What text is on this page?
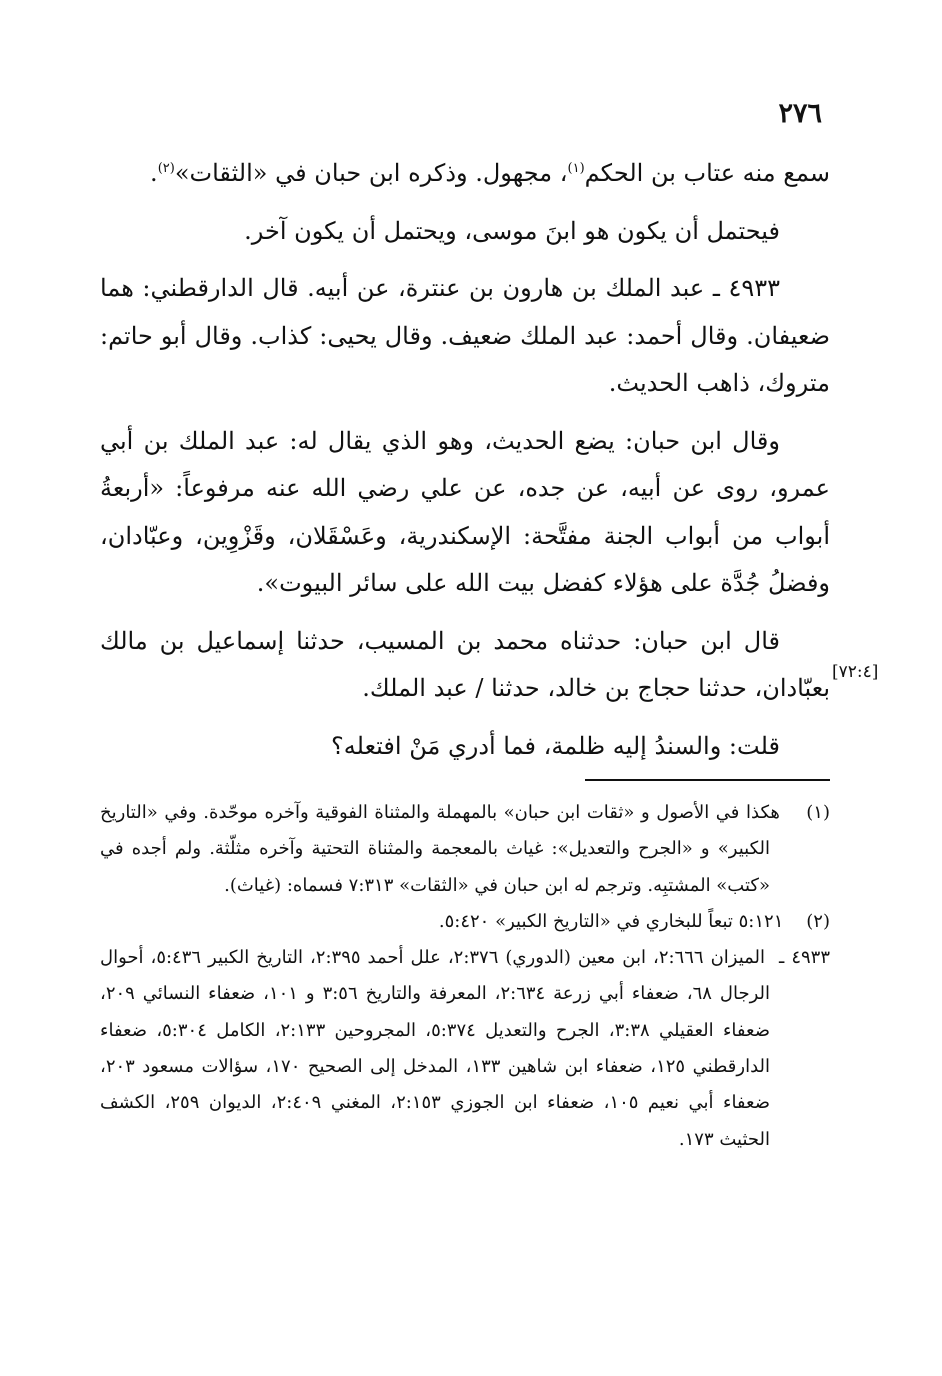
٢٧٦

سمع منه عتاب بن الحكم$^{(١)}$، مجهول. وذكره ابن حبان في «الثقات»$^{(٢)}$.

فيحتمل أن يكون هو ابنَ موسى، ويحتمل أن يكون آخر.

٤٩٣٣ ـ عبد الملك بن هارون بن عنترة، عن أبيه. قال الدارقطني: هما ضعيفان. وقال أحمد: عبد الملك ضعيف. وقال يحيى: كذاب. وقال أبو حاتم: متروك، ذاهب الحديث.

وقال ابن حبان: يضع الحديث، وهو الذي يقال له: عبد الملك بن أبي عمرو، روى عن أبيه، عن جده، عن علي رضي الله عنه مرفوعاً: «أربعةُ أبواب من أبواب الجنة مفتَّحة: الإسكندرية، وعَسْقَلان، وقَزْوِين، وعبّادان، وفضلُ جُدَّة على هؤلاء كفضل بيت الله على سائر البيوت».

قال ابن حبان: حدثناه محمد بن المسيب، حدثنا إسماعيل بن مالك بعبّادان، حدثنا حجاج بن خالد، حدثنا / عبد الملك.

قلت: والسندُ إليه ظلمة، فما أدري مَنْ افتعله؟

[٧٢:٤]

(١)    هكذا في الأصول و «ثقات ابن حبان» بالمهملة والمثناة الفوقية وآخره موحّدة. وفي «التاريخ الكبير» و «الجرح والتعديل»: غياث بالمعجمة والمثناة التحتية وآخره مثلّثة. ولم أجده في «كتب» المشتبِه. وترجم له ابن حبان في «الثقات» ٧:٣١٣ فسماه: (غياث).

(٢)    ٥:١٢١ تبعاً للبخاري في «التاريخ الكبير» ٥:٤٢٠.

٤٩٣٣ ـ  الميزان ٢:٦٦٦، ابن معين (الدوري) ٢:٣٧٦، علل أحمد ٢:٣٩٥، التاريخ الكبير ٥:٤٣٦، أحوال الرجال ٦٨، ضعفاء أبي زرعة ٢:٦٣٤، المعرفة والتاريخ ٣:٥٦ و ١٠١، ضعفاء النسائي ٢٠٩، ضعفاء العقيلي ٣:٣٨، الجرح والتعديل ٥:٣٧٤، المجروحين ٢:١٣٣، الكامل ٥:٣٠٤، ضعفاء الدارقطني ١٢٥، ضعفاء ابن شاهين ١٣٣، المدخل إلى الصحيح ١٧٠، سؤالات مسعود ٢٠٣، ضعفاء أبي نعيم ١٠٥، ضعفاء ابن الجوزي ٢:١٥٣، المغني ٢:٤٠٩، الديوان ٢٥٩، الكشف الحثيث ١٧٣.
